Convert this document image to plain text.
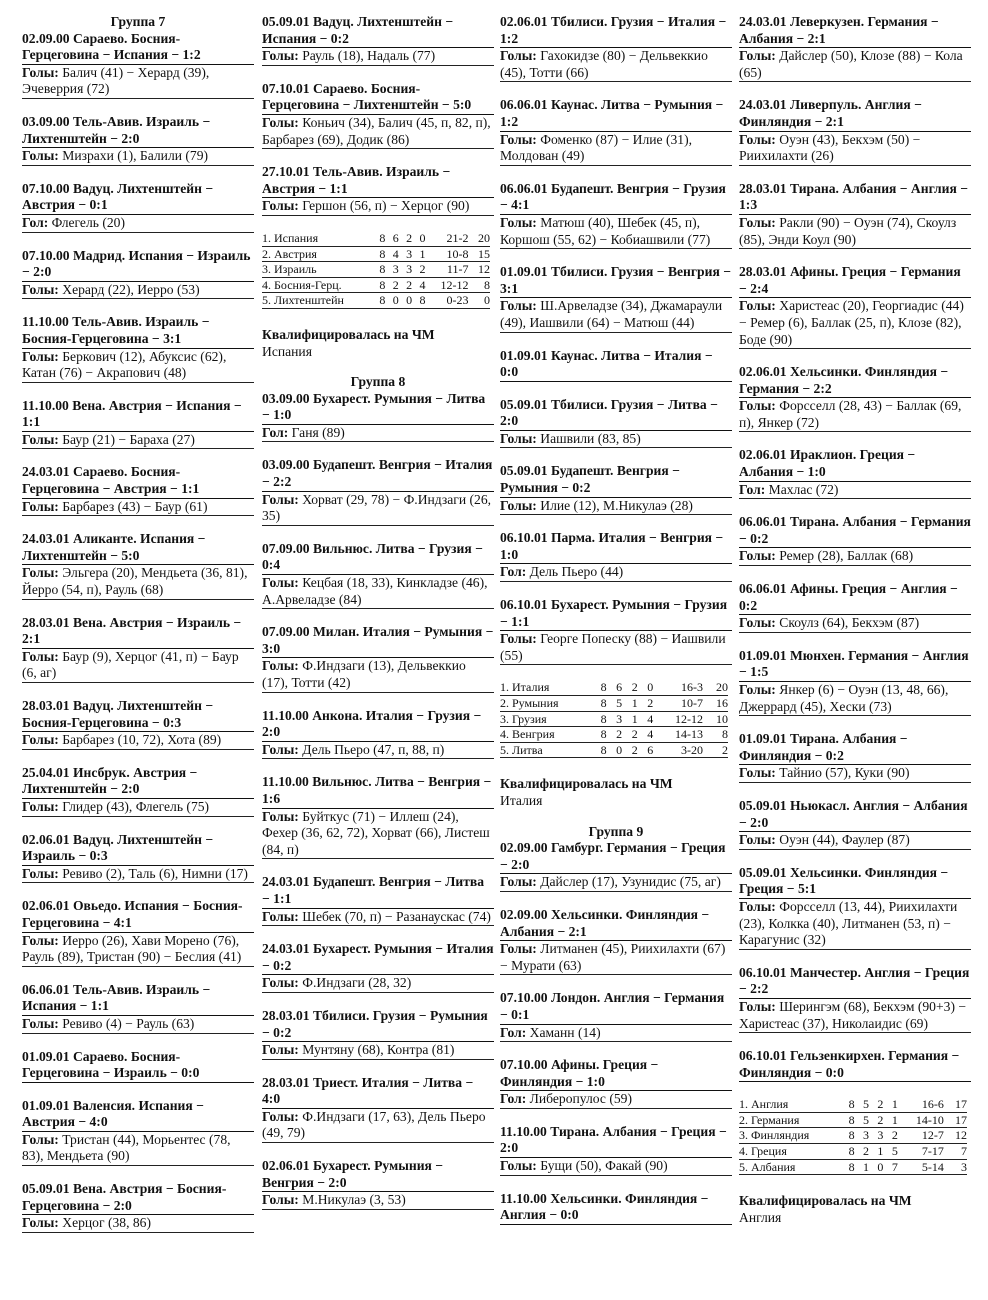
Группа 7
02.09.00 Сараево. Босния-Герцеговина − Испания − 1:2
Голы: Балич (41) − Херард (39), Эчеверрия (72)
03.09.00 Тель-Авив. Израиль − Лихтенштейн − 2:0
Голы: Мизрахи (1), Балили (79)
07.10.00 Вадуц. Лихтенштейн − Австрия − 0:1
Гол: Флегель (20)
07.10.00 Мадрид. Испания − Израиль − 2:0
Голы: Херард (22), Иерро (53)
11.10.00 Тель-Авив. Израиль − Босния-Герцеговина − 3:1
Голы: Беркович (12), Абуксис (62), Катан (76) − Акрапович (48)
11.10.00 Вена. Австрия − Испания − 1:1
Голы: Баур (21) − Бараха (27)
24.03.01 Сараево. Босния-Герцеговина − Австрия − 1:1
Голы: Барбарез (43) − Баур (61)
24.03.01 Аликанте. Испания − Лихтенштейн − 5:0
Голы: Эльгера (20), Мендьета (36, 81), Йерро (54, п), Рауль (68)
28.03.01 Вена. Австрия − Израиль − 2:1
Голы: Баур (9), Херцог (41, п) − Баур (6, аг)
28.03.01 Вадуц. Лихтенштейн − Босния-Герцеговина − 0:3
Голы: Барбарез (10, 72), Хота (89)
25.04.01 Инсбрук. Австрия − Лихтенштейн − 2:0
Голы: Глидер (43), Флегель (75)
02.06.01 Вадуц. Лихтенштейн − Израиль − 0:3
Голы: Ревиво (2), Таль (6), Нимни (17)
02.06.01 Овьедо. Испания − Босния-Герцеговина − 4:1
Голы: Иерро (26), Хави Морено (76), Рауль (89), Тристан (90) − Беслия (41)
06.06.01 Тель-Авив. Израиль − Испания − 1:1
Голы: Ревиво (4) − Рауль (63)
01.09.01 Сараево. Босния-Герцеговина − Израиль − 0:0
01.09.01 Валенсия. Испания − Австрия − 4:0
Голы: Тристан (44), Морьентес (78, 83), Мендьета (90)
05.09.01 Вена. Австрия − Босния-Герцеговина − 2:0
Голы: Херцог (38, 86)
05.09.01 Вадуц. Лихтенштейн − Испания − 0:2
Голы: Рауль (18), Надаль (77)
07.10.01 Сараево. Босния-Герцеговина − Лихтенштейн − 5:0
Голы: Коньич (34), Балич (45, п, 82, п), Барбарез (69), Додик (86)
27.10.01 Тель-Авив. Израиль − Австрия − 1:1
Голы: Гершон (56, п) − Херцог (90)
1. Испания	8	6	2	0	21-2	20
2. Австрия	8	4	3	1	10-8	15
3. Израиль	8	3	3	2	11-7	12
4. Босния-Герц.	8	2	2	4	12-12	8
5. Лихтенштейн	8	0	0	8	0-23	0
Квалифицировалась на ЧМ
Испания
Группа 8
03.09.00 Бухарест. Румыния − Литва − 1:0
Гол: Ганя (89)
03.09.00 Будапешт. Венгрия − Италия − 2:2
Голы: Хорват (29, 78) − Ф.Индзаги (26, 35)
07.09.00 Вильнюс. Литва − Грузия − 0:4
Голы: Кецбая (18, 33), Кинкладзе (46), А.Арвеладзе (84)
07.09.00 Милан. Италия − Румыния − 3:0
Голы: Ф.Индзаги (13), Дельвеккио (17), Тотти (42)
11.10.00 Анкона. Италия − Грузия − 2:0
Голы: Дель Пьеро (47, п, 88, п)
11.10.00 Вильнюс. Литва − Венгрия − 1:6
Голы: Буйткус (71) − Иллеш (24), Фехер (36, 62, 72), Хорват (66), Листеш (84, п)
24.03.01 Будапешт. Венгрия − Литва − 1:1
Голы: Шебек (70, п) − Разанаускас (74)
24.03.01 Бухарест. Румыния − Италия − 0:2
Голы: Ф.Индзаги (28, 32)
28.03.01 Тбилиси. Грузия − Румыния − 0:2
Голы: Мунтяну (68), Контра (81)
28.03.01 Триест. Италия − Литва − 4:0
Голы: Ф.Индзаги (17, 63), Дель Пьеро (49, 79)
02.06.01 Бухарест. Румыния − Венгрия − 2:0
Голы: М.Никулаэ (3, 53)
02.06.01 Тбилиси. Грузия − Италия − 1:2
Голы: Гахокидзе (80) − Дельвеккио (45), Тотти (66)
06.06.01 Каунас. Литва − Румыния − 1:2
Голы: Фоменко (87) − Илие (31), Молдован (49)
06.06.01 Будапешт. Венгрия − Грузия − 4:1
Голы: Матюш (40), Шебек (45, п), Коршош (55, 62) − Кобиашвили (77)
01.09.01 Тбилиси. Грузия − Венгрия − 3:1
Голы: Ш.Арвеладзе (34), Джамараули (49), Иашвили (64) − Матюш (44)
01.09.01 Каунас. Литва − Италия − 0:0
05.09.01 Тбилиси. Грузия − Литва − 2:0
Голы: Иашвили (83, 85)
05.09.01 Будапешт. Венгрия − Румыния − 0:2
Голы: Илие (12), М.Никулаэ (28)
06.10.01 Парма. Италия − Венгрия − 1:0
Гол: Дель Пьеро (44)
06.10.01 Бухарест. Румыния − Грузия − 1:1
Голы: Георге Попеску (88) − Иашвили (55)
1. Италия	8	6	2	0	16-3	20
2. Румыния	8	5	1	2	10-7	16
3. Грузия	8	3	1	4	12-12	10
4. Венгрия	8	2	2	4	14-13	8
5. Литва	8	0	2	6	3-20	2
Квалифицировалась на ЧМ
Италия
Группа 9
02.09.00 Гамбург. Германия − Греция − 2:0
Голы: Дайслер (17), Узунидис (75, аг)
02.09.00 Хельсинки. Финляндия − Албания − 2:1
Голы: Литманен (45), Риихилахти (67) − Мурати (63)
07.10.00 Лондон. Англия − Германия − 0:1
Гол: Хаманн (14)
07.10.00 Афины. Греция − Финляндия − 1:0
Гол: Либеропулос (59)
11.10.00 Тирана. Албания − Греция − 2:0
Голы: Бущи (50), Факай (90)
11.10.00 Хельсинки. Финляндия − Англия − 0:0
24.03.01 Леверкузен. Германия − Албания − 2:1
Голы: Дайслер (50), Клозе (88) − Кола (65)
24.03.01 Ливерпуль. Англия − Финляндия − 2:1
Голы: Оуэн (43), Бекхэм (50) − Риихилахти (26)
28.03.01 Тирана. Албания − Англия − 1:3
Голы: Ракли (90) − Оуэн (74), Скоулз (85), Энди Коул (90)
28.03.01 Афины. Греция − Германия − 2:4
Голы: Харистеас (20), Георгиадис (44) − Ремер (6), Баллак (25, п), Клозе (82), Боде (90)
02.06.01 Хельсинки. Финляндия − Германия − 2:2
Голы: Форсселл (28, 43) − Баллак (69, п), Янкер (72)
02.06.01 Ираклион. Греция − Албания − 1:0
Гол: Махлас (72)
06.06.01 Тирана. Албания − Германия − 0:2
Голы: Ремер (28), Баллак (68)
06.06.01 Афины. Греция − Англия − 0:2
Голы: Скоулз (64), Бекхэм (87)
01.09.01 Мюнхен. Германия − Англия − 1:5
Голы: Янкер (6) − Оуэн (13, 48, 66), Джеррард (45), Хески (73)
01.09.01 Тирана. Албания − Финляндия − 0:2
Голы: Тайнио (57), Куки (90)
05.09.01 Ньюкасл. Англия − Албания − 2:0
Голы: Оуэн (44), Фаулер (87)
05.09.01 Хельсинки. Финляндия − Греция − 5:1
Голы: Форсселл (13, 44), Риихилахти (23), Колкка (40), Литманен (53, п) − Карагунис (32)
06.10.01 Манчестер. Англия − Греция − 2:2
Голы: Шерингэм (68), Бекхэм (90+3) − Харистеас (37), Николаидис (69)
06.10.01 Гельзенкирхен. Германия − Финляндия − 0:0
1. Англия	8	5	2	1	16-6	17
2. Германия	8	5	2	1	14-10	17
3. Финляндия	8	3	3	2	12-7	12
4. Греция	8	2	1	5	7-17	7
5. Албания	8	1	0	7	5-14	3
Квалифицировалась на ЧМ
Англия
